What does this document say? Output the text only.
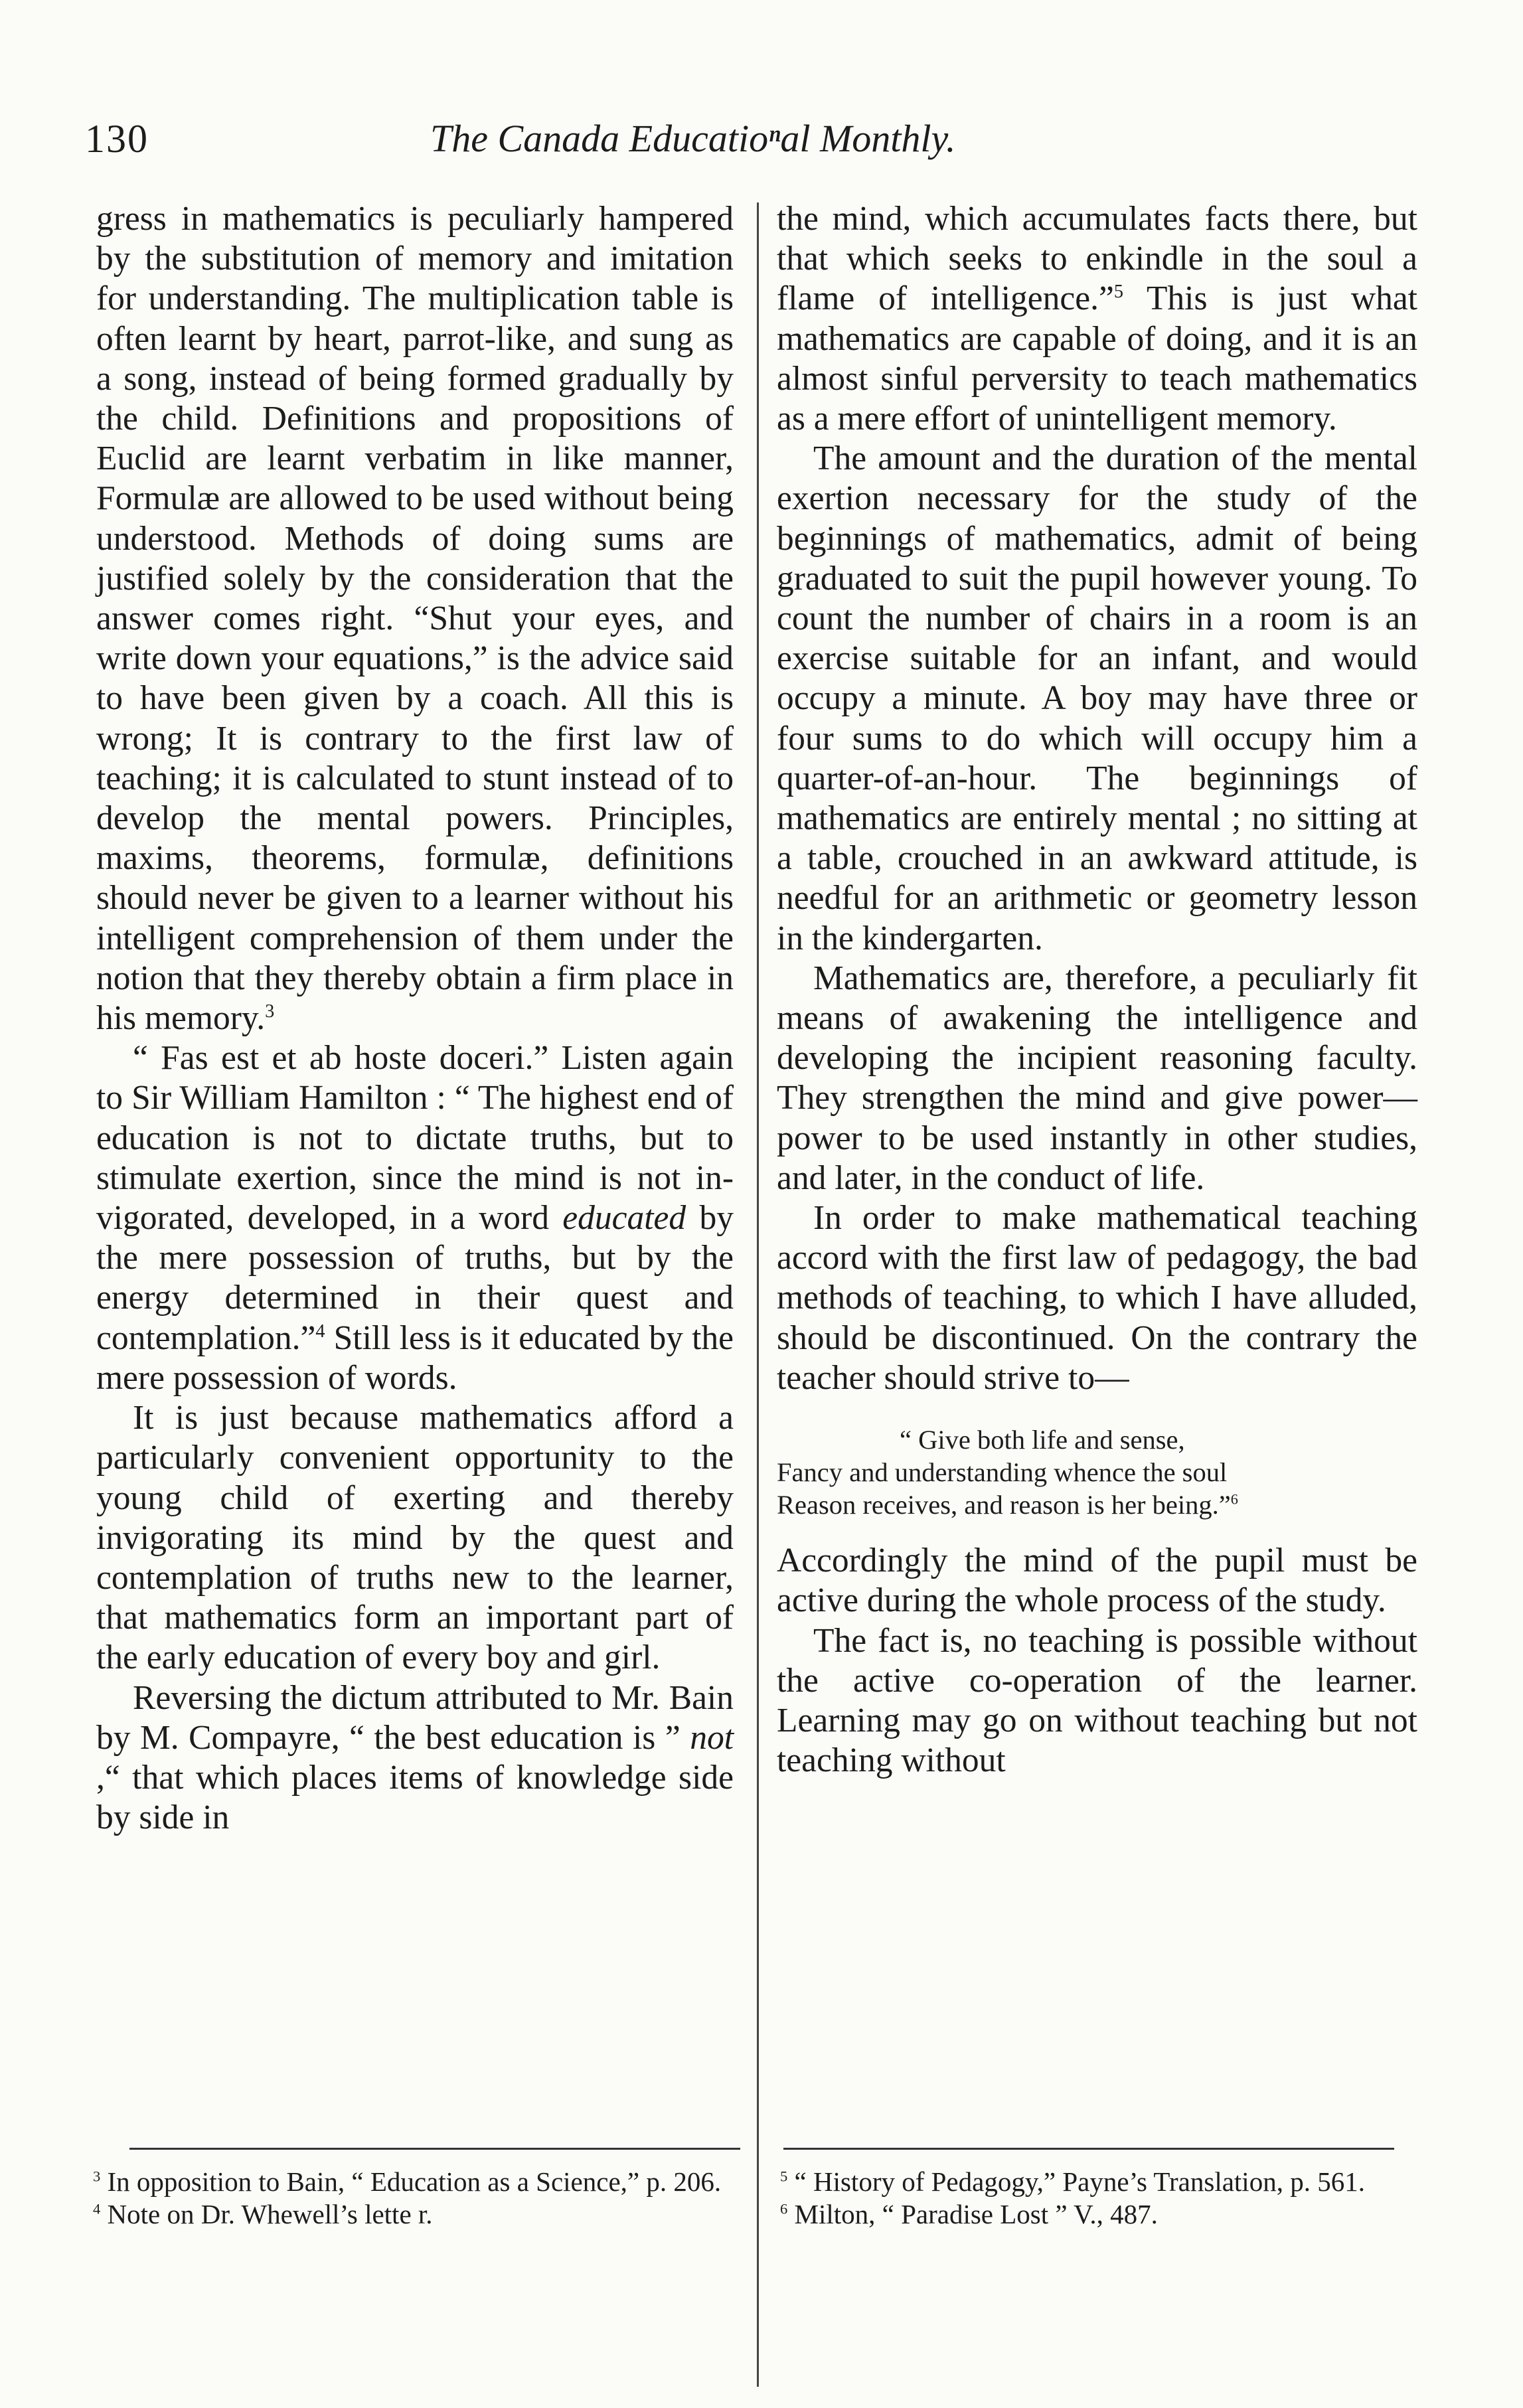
130	The Canada Educatioⁿal Monthly.

gress in mathematics is peculiarly hampered by the substitution of memory and imitation for understanding. The multiplication table is often learnt by heart, parrot-like, and sung as a song, instead of being formed gradually by the child. Definitions and propositions of Euclid are learnt verbatim in like manner, Formulæ are allowed to be used without being understood. Methods of doing sums are justified solely by the consideration that the answer comes right. “Shut your eyes, and write down your equations,” is the advice said to have been given by a coach. All this is wrong; It is contrary to the first law of teaching; it is calculated to stunt instead of to develop the mental powers. Principles, maxims, theorems, formulæ, definitions should never be given to a learner without his intelligent comprehension of them under the notion that they thereby obtain a firm place in his memory.$^3$

“ Fas est et ab hoste doceri.” Listen again to Sir William Hamilton : “ The highest end of education is not to dictate truths, but to stimulate exertion, since the mind is not invigorated, developed, in a word educated by the mere possession of truths, but by the energy determined in their quest and contemplation.”$^4$ Still less is it educated by the mere possession of words.

It is just because mathematics afford a particularly convenient opportunity to the young child of exerting and thereby invigorating its mind by the quest and contemplation of truths new to the learner, that mathematics form an important part of the early education of every boy and girl.

Reversing the dictum attributed to Mr. Bain by M. Compayre, “ the best education is ” not ,“ that which places items of knowledge side by side in

the mind, which accumulates facts there, but that which seeks to enkindle in the soul a flame of intelligence.”$^5$ This is just what mathematics are capable of doing, and it is an almost sinful perversity to teach mathematics as a mere effort of unintelligent memory.

The amount and the duration of the mental exertion necessary for the study of the beginnings of mathematics, admit of being graduated to suit the pupil however young. To count the number of chairs in a room is an exercise suitable for an infant, and would occupy a minute. A boy may have three or four sums to do which will occupy him a quarter-of-an-hour. The beginnings of mathematics are entirely mental ; no sitting at a table, crouched in an awkward attitude, is needful for an arithmetic or geometry lesson in the kindergarten.

Mathematics are, therefore, a peculiarly fit means of awakening the intelligence and developing the incipient reasoning faculty. They strengthen the mind and give power— power to be used instantly in other studies, and later, in the conduct of life.

In order to make mathematical teaching accord with the first law of pedagogy, the bad methods of teaching, to which I have alluded, should be discontinued. On the contrary the teacher should strive to—

“ Give both life and sense,
Fancy and understanding whence the soul
Reason receives, and reason is her being.”$^6$

Accordingly the mind of the pupil must be active during the whole process of the study.

The fact is, no teaching is possible without the active co-operation of the learner. Learning may go on without teaching but not teaching without

$^3$ In opposition to Bain, “ Education as a Science,” p. 206.

$^4$ Note on Dr. Whewell’s lette r.

$^5$ “ History of Pedagogy,” Payne’s Translation, p. 561.

$^6$ Milton, “ Paradise Lost ” V., 487.
